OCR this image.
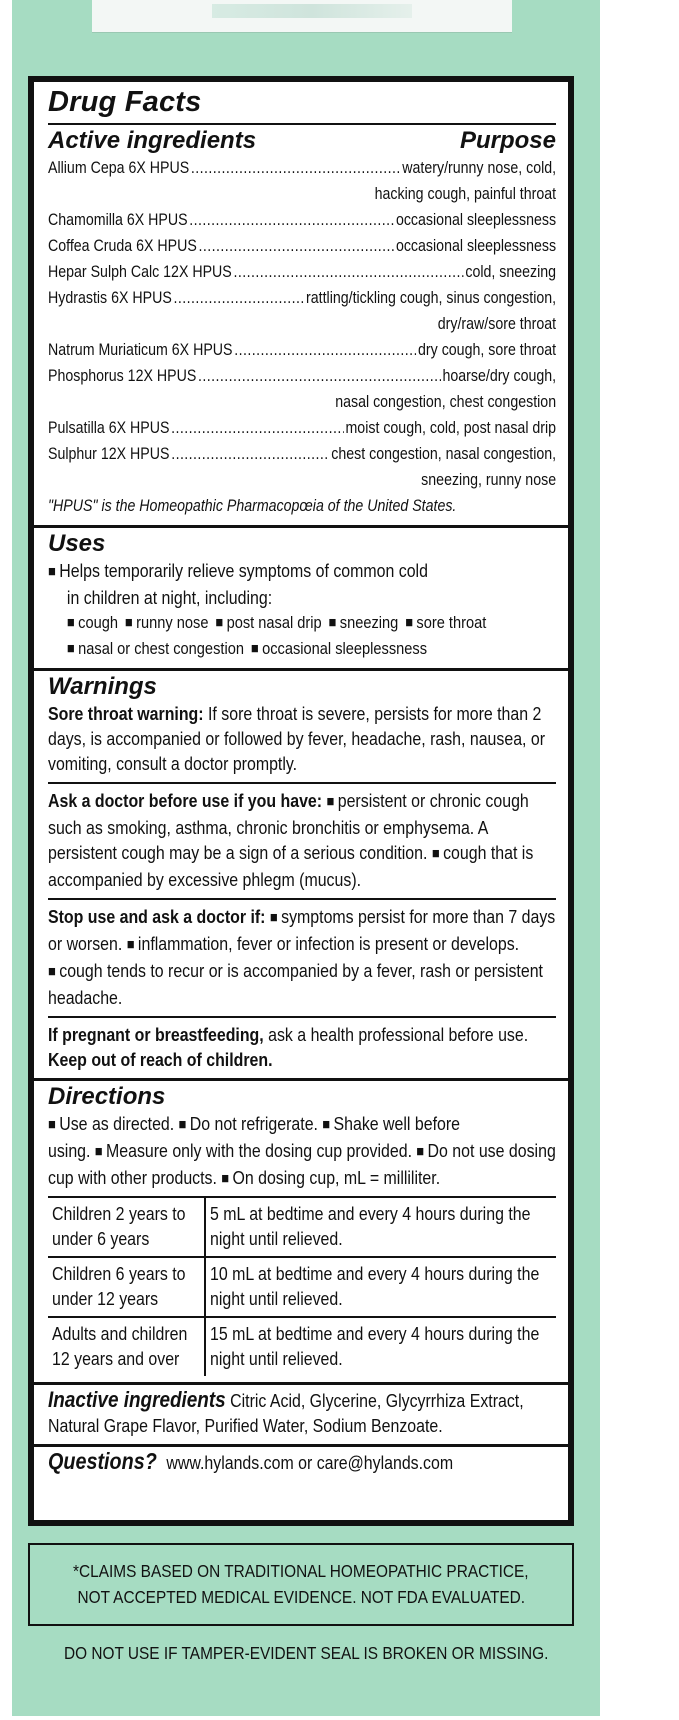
Drug Facts
Active ingredients	Purpose
Allium Cepa 6X HPUS .....	watery/runny nose, cold,
hacking cough, painful throat
Chamomilla 6X HPUS .....	occasional sleeplessness
Coffea Cruda 6X HPUS .....	occasional sleeplessness
Hepar Sulph Calc 12X HPUS .....	cold, sneezing
Hydrastis 6X HPUS .....	rattling/tickling cough, sinus congestion,
dry/raw/sore throat
Natrum Muriaticum 6X HPUS .....	dry cough, sore throat
Phosphorus 12X HPUS .....	hoarse/dry cough,
nasal congestion, chest congestion
Pulsatilla 6X HPUS .....	moist cough, cold, post nasal drip
Sulphur 12X HPUS .....	chest congestion, nasal congestion,
sneezing, runny nose
"HPUS" is the Homeopathic Pharmacopœia of the United States.
Uses
■ Helps temporarily relieve symptoms of common cold
in children at night, including:
■ cough ■ runny nose ■ post nasal drip ■ sneezing ■ sore throat
■ nasal or chest congestion ■ occasional sleeplessness
Warnings
Sore throat warning: If sore throat is severe, persists for more than 2 days, is accompanied or followed by fever, headache, rash, nausea, or vomiting, consult a doctor promptly.
Ask a doctor before use if you have: ■ persistent or chronic cough such as smoking, asthma, chronic bronchitis or emphysema. A persistent cough may be a sign of a serious condition. ■ cough that is accompanied by excessive phlegm (mucus).
Stop use and ask a doctor if: ■ symptoms persist for more than 7 days or worsen. ■ inflammation, fever or infection is present or develops. ■ cough tends to recur or is accompanied by a fever, rash or persistent headache.
If pregnant or breastfeeding, ask a health professional before use. Keep out of reach of children.
Directions
■ Use as directed. ■ Do not refrigerate. ■ Shake well before using. ■ Measure only with the dosing cup provided. ■ Do not use dosing cup with other products. ■ On dosing cup, mL = milliliter.
Children 2 years to under 6 years	5 mL at bedtime and every 4 hours during the night until relieved.

Children 6 years to under 12 years	10 mL at bedtime and every 4 hours during the night until relieved.

Adults and children 12 years and over	15 mL at bedtime and every 4 hours during the night until relieved.
Inactive ingredients Citric Acid, Glycerine, Glycyrrhiza Extract, Natural Grape Flavor, Purified Water, Sodium Benzoate.
Questions? www.hylands.com or care@hylands.com
*CLAIMS BASED ON TRADITIONAL HOMEOPATHIC PRACTICE,
NOT ACCEPTED MEDICAL EVIDENCE. NOT FDA EVALUATED.
DO NOT USE IF TAMPER-EVIDENT SEAL IS BROKEN OR MISSING.
